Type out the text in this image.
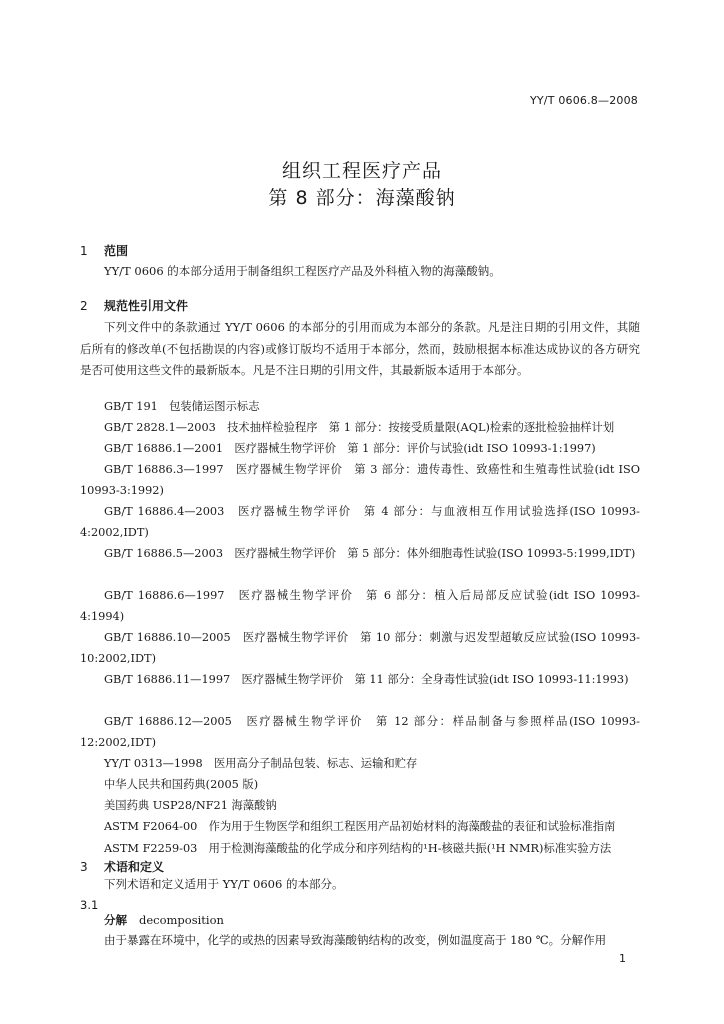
YY/T 0606.8—2008
组织工程医疗产品
第 8 部分：海藻酸钠
1 范围
YY/T 0606 的本部分适用于制备组织工程医疗产品及外科植入物的海藻酸钠。
2 规范性引用文件
下列文件中的条款通过 YY/T 0606 的本部分的引用而成为本部分的条款。凡是注日期的引用文件，其随后所有的修改单(不包括勘误的内容)或修订版均不适用于本部分，然而，鼓励根据本标准达成协议的各方研究是否可使用这些文件的最新版本。凡是不注日期的引用文件，其最新版本适用于本部分。
GB/T 191　包装储运图示标志
GB/T 2828.1—2003　技术抽样检验程序　第 1 部分：按接受质量限(AQL)检索的逐批检验抽样计划
GB/T 16886.1—2001　医疗器械生物学评价　第 1 部分：评价与试验(idt ISO 10993-1:1997)
GB/T 16886.3—1997　医疗器械生物学评价　第 3 部分：遗传毒性、致癌性和生殖毒性试验(idt ISO 10993-3:1992)
GB/T 16886.4—2003　医疗器械生物学评价　第 4 部分：与血液相互作用试验选择(ISO 10993-4:2002,IDT)
GB/T 16886.5—2003　医疗器械生物学评价　第 5 部分：体外细胞毒性试验(ISO 10993-5:1999,IDT)
GB/T 16886.6—1997　医疗器械生物学评价　第 6 部分：植入后局部反应试验(idt ISO 10993-4:1994)
GB/T 16886.10—2005　医疗器械生物学评价　第 10 部分：刺激与迟发型超敏反应试验(ISO 10993-10:2002,IDT)
GB/T 16886.11—1997　医疗器械生物学评价　第 11 部分：全身毒性试验(idt ISO 10993-11:1993)
GB/T 16886.12—2005　医疗器械生物学评价　第 12 部分：样品制备与参照样品(ISO 10993-12:2002,IDT)
YY/T 0313—1998　医用高分子制品包装、标志、运输和贮存
中华人民共和国药典(2005 版)
美国药典 USP28/NF21 海藻酸钠
ASTM F2064-00　作为用于生物医学和组织工程医用产品初始材料的海藻酸盐的表征和试验标准指南
ASTM F2259-03　用于检测海藻酸盐的化学成分和序列结构的¹H-核磁共振(¹H NMR)标准实验方法
3 术语和定义
下列术语和定义适用于 YY/T 0606 的本部分。
3.1
分解 decomposition
由于暴露在环境中，化学的或热的因素导致海藻酸钠结构的改变，例如温度高于 180 ℃。分解作用
1
